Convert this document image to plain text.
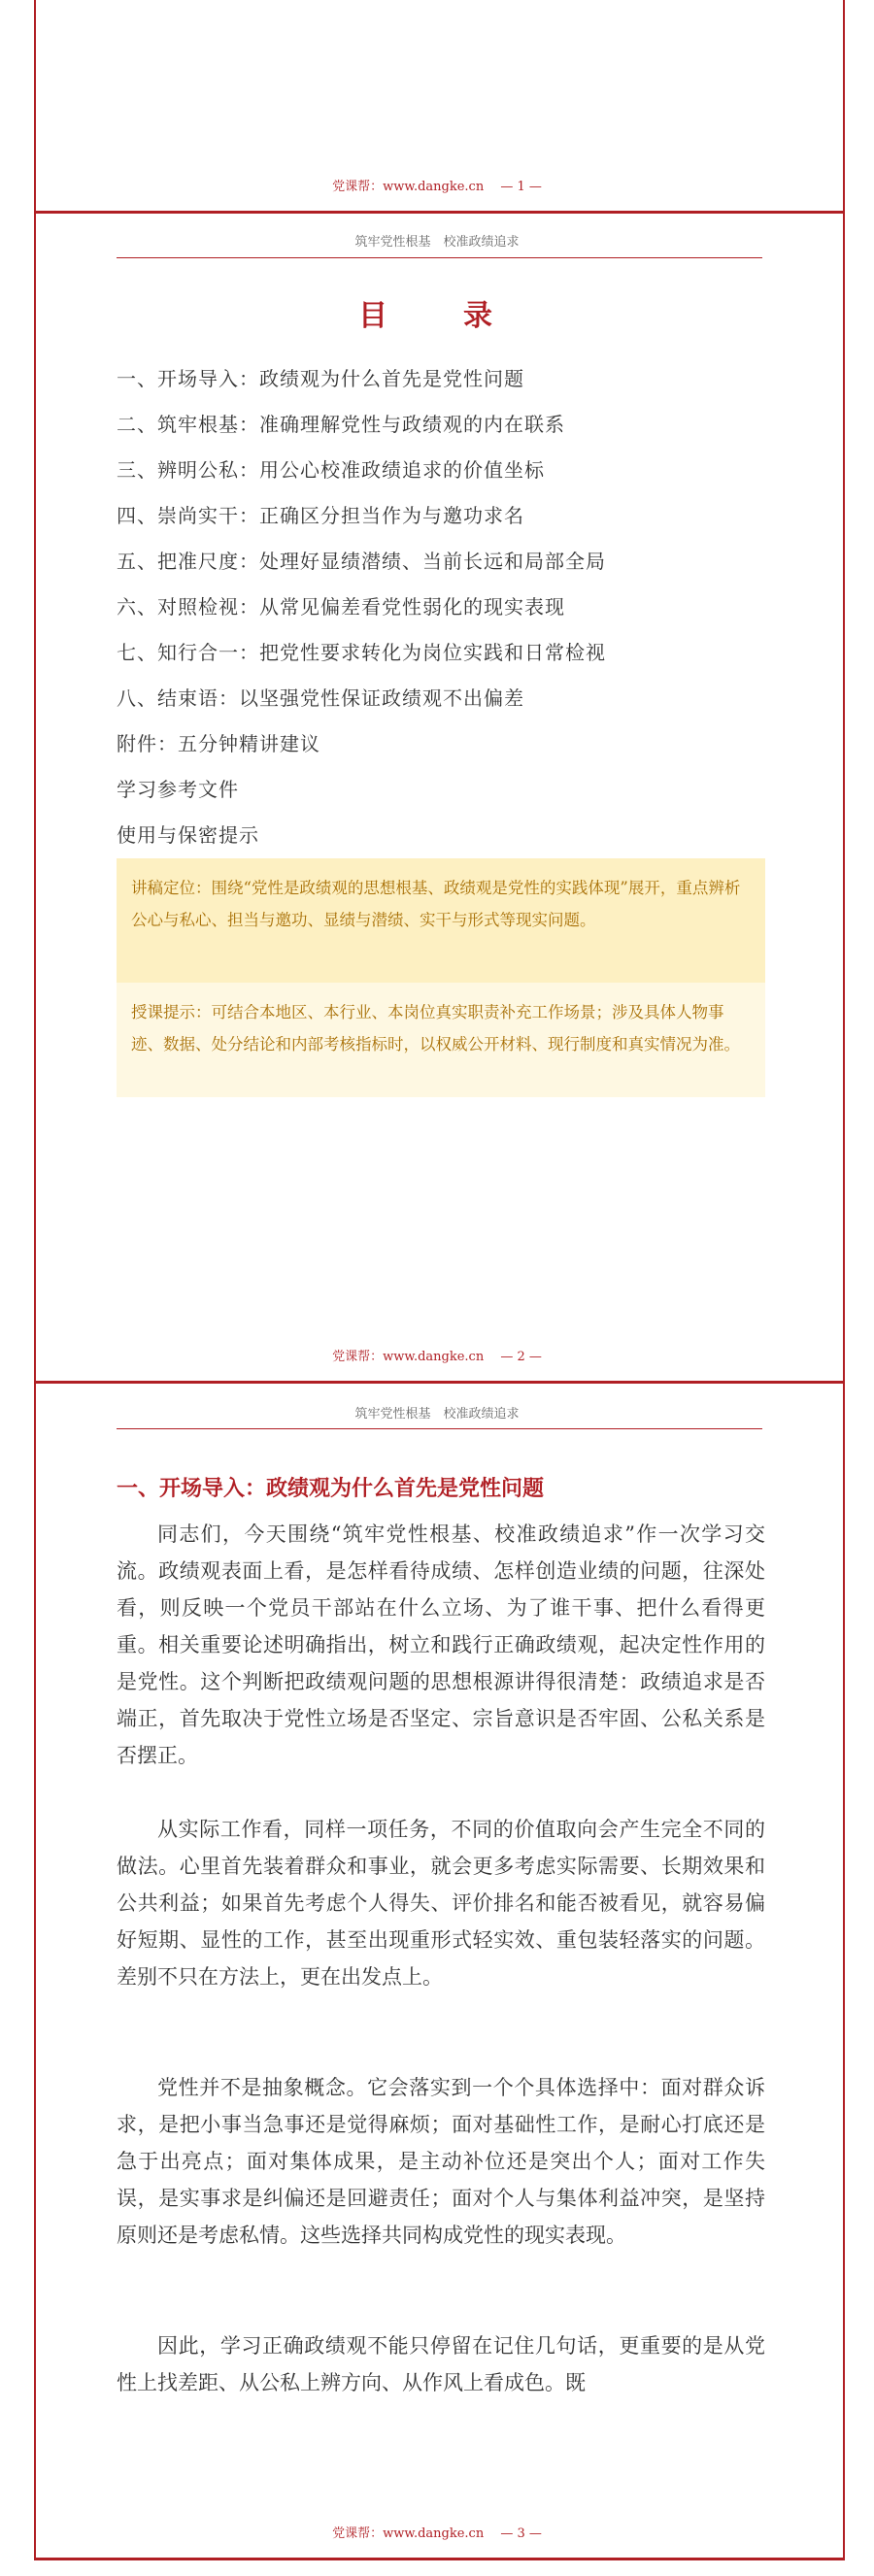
党课帮：www.dangke.cn　 — 1 —
筑牢党性根基　校准政绩追求
目　录
一、开场导入：政绩观为什么首先是党性问题
二、筑牢根基：准确理解党性与政绩观的内在联系
三、辨明公私：用公心校准政绩追求的价值坐标
四、崇尚实干：正确区分担当作为与邀功求名
五、把准尺度：处理好显绩潜绩、当前长远和局部全局
六、对照检视：从常见偏差看党性弱化的现实表现
七、知行合一：把党性要求转化为岗位实践和日常检视
八、结束语：以坚强党性保证政绩观不出偏差
附件：五分钟精讲建议
学习参考文件
使用与保密提示
讲稿定位：围绕“党性是政绩观的思想根基、政绩观是党性的实践体现”展开，重点辨析公心与私心、担当与邀功、显绩与潜绩、实干与形式等现实问题。
授课提示：可结合本地区、本行业、本岗位真实职责补充工作场景；涉及具体人物事迹、数据、处分结论和内部考核指标时，以权威公开材料、现行制度和真实情况为准。
党课帮：www.dangke.cn　 — 2 —
筑牢党性根基　校准政绩追求
一、开场导入：政绩观为什么首先是党性问题
同志们，今天围绕“筑牢党性根基、校准政绩追求”作一次学习交流。政绩观表面上看，是怎样看待成绩、怎样创造业绩的问题，往深处看，则反映一个党员干部站在什么立场、为了谁干事、把什么看得更重。相关重要论述明确指出，树立和践行正确政绩观，起决定性作用的是党性。这个判断把政绩观问题的思想根源讲得很清楚：政绩追求是否端正，首先取决于党性立场是否坚定、宗旨意识是否牢固、公私关系是否摆正。
从实际工作看，同样一项任务，不同的价值取向会产生完全不同的做法。心里首先装着群众和事业，就会更多考虑实际需要、长期效果和公共利益；如果首先考虑个人得失、评价排名和能否被看见，就容易偏好短期、显性的工作，甚至出现重形式轻实效、重包装轻落实的问题。差别不只在方法上，更在出发点上。
党性并不是抽象概念。它会落实到一个个具体选择中：面对群众诉求，是把小事当急事还是觉得麻烦；面对基础性工作，是耐心打底还是急于出亮点；面对集体成果，是主动补位还是突出个人；面对工作失误，是实事求是纠偏还是回避责任；面对个人与集体利益冲突，是坚持原则还是考虑私情。这些选择共同构成党性的现实表现。
因此，学习正确政绩观不能只停留在记住几句话，更重要的是从党性上找差距、从公私上辨方向、从作风上看成色。既
党课帮：www.dangke.cn　 — 3 —
